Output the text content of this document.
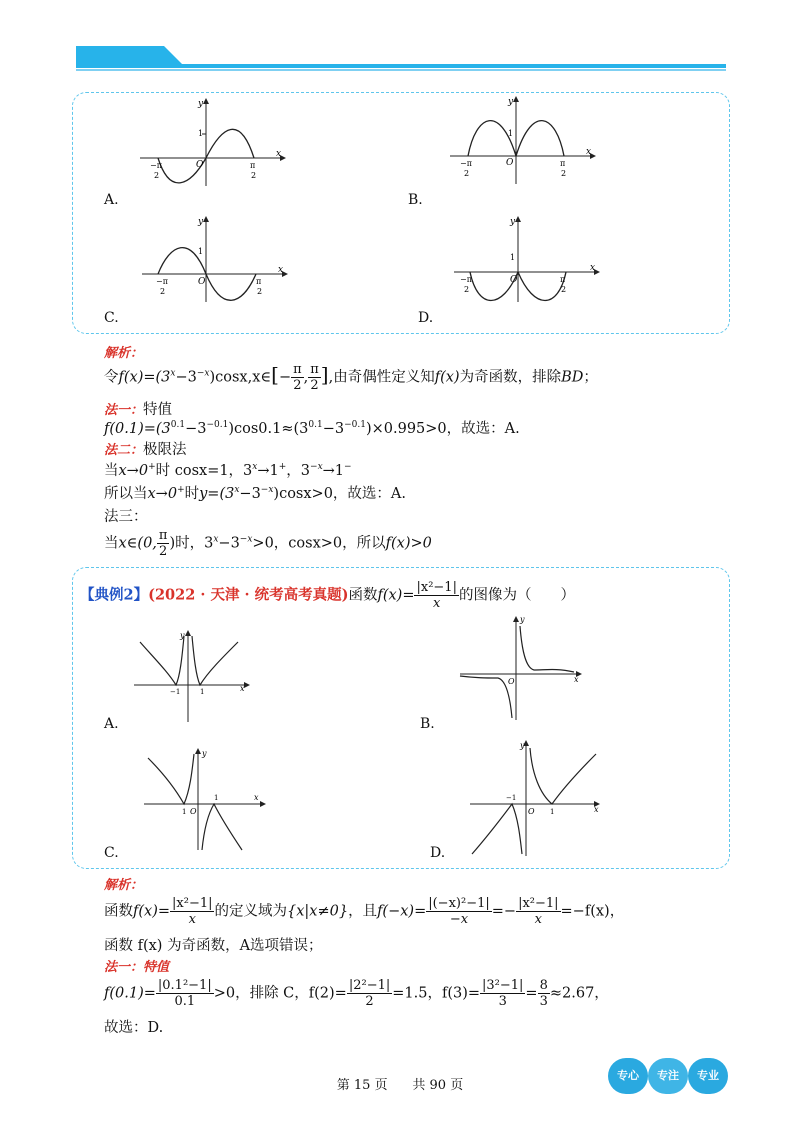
y
x
O
1
−π
2
π
2
A.
y
x
O
1
−π
2
π
2
B.
y
x
O
1
−π
2
π
2
C.
y
x
O
1
−π
2
π
2
D.
解析：
令$f(x)=(3^x-3^{-x})\cos x,x\in[- \frac{\pi}{2}$ , $\frac{\pi}{2}$ ],由奇偶性定义知f(x)为奇函数，排除BD；
法一：特值
$f(0.1)=(3^{0.1}-3^{-0.1})\cos 0.1\approx(3^{0.1}-3^{-0.1})\times 0.995>0$，故选：A.
法二：极限法
当x→0+时 cosx=1，$3^x\to 1^+$，$3^{-x}\to 1^-$
所以当x→0+时$y=(3^x-3^{-x})\cos x>0$，故选：A.
法三：
当x∈(0, $\frac{\pi}{2}$ )时，$3^x-3^{-x}>0$，cosx>0，所以f(x)>0
【典例2】(2022 · 天津 · 统考高考真题)函数$f(x)= \frac{\text{|x²−1|}}{x}$ 的图像为（　　）
y
x
−1	1
A.
y
x
O
B.
y
x
O
1
1
C.
y
x
O
−1
1
D.
解析：
函数$f(x)= \frac{\text{|x²−1|}}{x}$ 的定义域为{x|x≠0}，且$f(-x)= \frac{\text{|(−x)²−1|}}{-x} =- \frac{\text{|x²−1|}}{x} =-f(x)$，
函数 f(x) 为奇函数，A选项错误；
法一：特值
$f(0.1)= \frac{\text{|0.1²−1|}}{0.1} >0$，排除 C，$f(2)= \frac{\text{|2²−1|}}{2} =1.5$，$f(3)= \frac{\text{|3²−1|}}{3} = \frac{8}{3} \approx 2.67$，
故选：D.
第 15 页 共 90 页
专心	专注	专业
